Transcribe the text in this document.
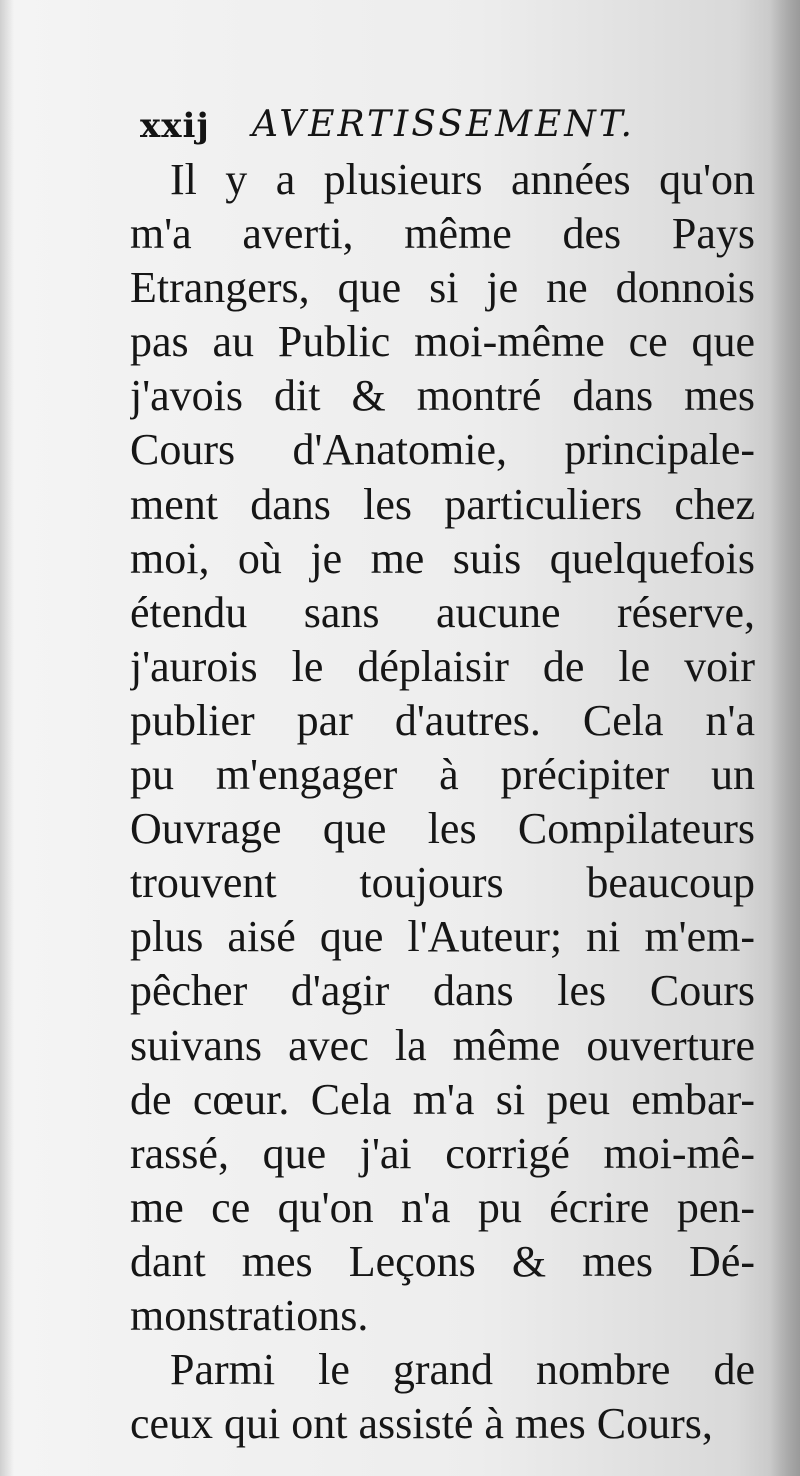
xxij AVERTISSEMENT.
Il y a plusieurs années qu'on
m'a averti, même des Pays
Etrangers, que si je ne donnois
pas au Public moi-même ce que
j'avois dit & montré dans mes
Cours d'Anatomie, principale-
ment dans les particuliers chez
moi, où je me suis quelquefois
étendu sans aucune réserve,
j'aurois le déplaisir de le voir
publier par d'autres. Cela n'a
pu m'engager à précipiter un
Ouvrage que les Compilateurs
trouvent toujours beaucoup
plus aisé que l'Auteur; ni m'em-
pêcher d'agir dans les Cours
suivans avec la même ouverture
de cœur. Cela m'a si peu embar-
rassé, que j'ai corrigé moi-mê-
me ce qu'on n'a pu écrire pen-
dant mes Leçons & mes Dé-
monstrations.
Parmi le grand nombre de
ceux qui ont assisté à mes Cours,
